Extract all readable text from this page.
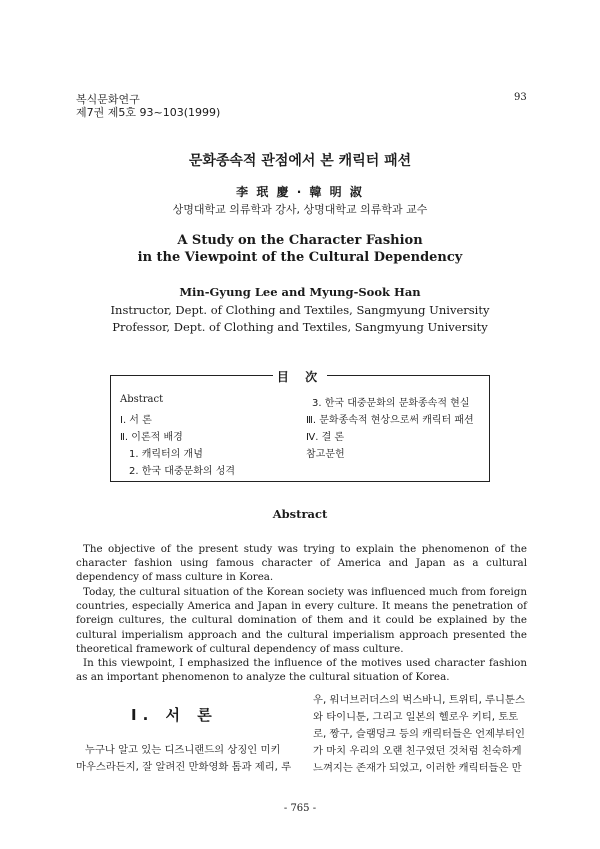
복식문화연구
제7권 제5호 93~103(1999)
93
문화종속적 관점에서 본 캐릭터 패션
李 珉 慶 · 韓 明 淑
상명대학교 의류학과 강사, 상명대학교 의류학과 교수
A Study on the Character Fashion
in the Viewpoint of the Cultural Dependency
Min-Gyung Lee and Myung-Sook Han
Instructor, Dept. of Clothing and Textiles, Sangmyung University
Professor, Dept. of Clothing and Textiles, Sangmyung University
目 次
Abstract
Ⅰ. 서 론
Ⅱ. 이론적 배경
1. 캐릭터의 개념
2. 한국 대중문화의 성격
3. 한국 대중문화의 문화종속적 현실
Ⅲ. 문화종속적 현상으로써 캐릭터 패션
Ⅳ. 결 론
참고문헌
Abstract
The objective of the present study was trying to explain the phenomenon of the character fashion using famous character of America and Japan as a cultural dependency of mass culture in Korea.
Today, the cultural situation of the Korean society was influenced much from foreign countries, especially America and Japan in every culture. It means the penetration of foreign cultures, the cultural domination of them and it could be explained by the cultural imperialism approach and the cultural imperialism approach presented the theoretical framework of cultural dependency of mass culture.
In this viewpoint, I emphasized the influence of the motives used character fashion as an important phenomenon to analyze the cultural situation of Korea.
Ⅰ. 서 론
누구나 알고 있는 디즈니랜드의 상징인 미키
마우스라든지, 잘 알려진 만화영화 톰과 제리, 루
우, 워너브러더스의 벅스바니, 트위티, 루니툰스
와 타이니툰, 그리고 일본의 헬로우 키티, 토토
로, 짱구, 슬램덩크 등의 캐릭터들은 언제부터인
가 마치 우리의 오랜 친구였던 것처럼 친숙하게
느껴지는 존재가 되었고, 이러한 캐릭터들은 만
- 765 -
